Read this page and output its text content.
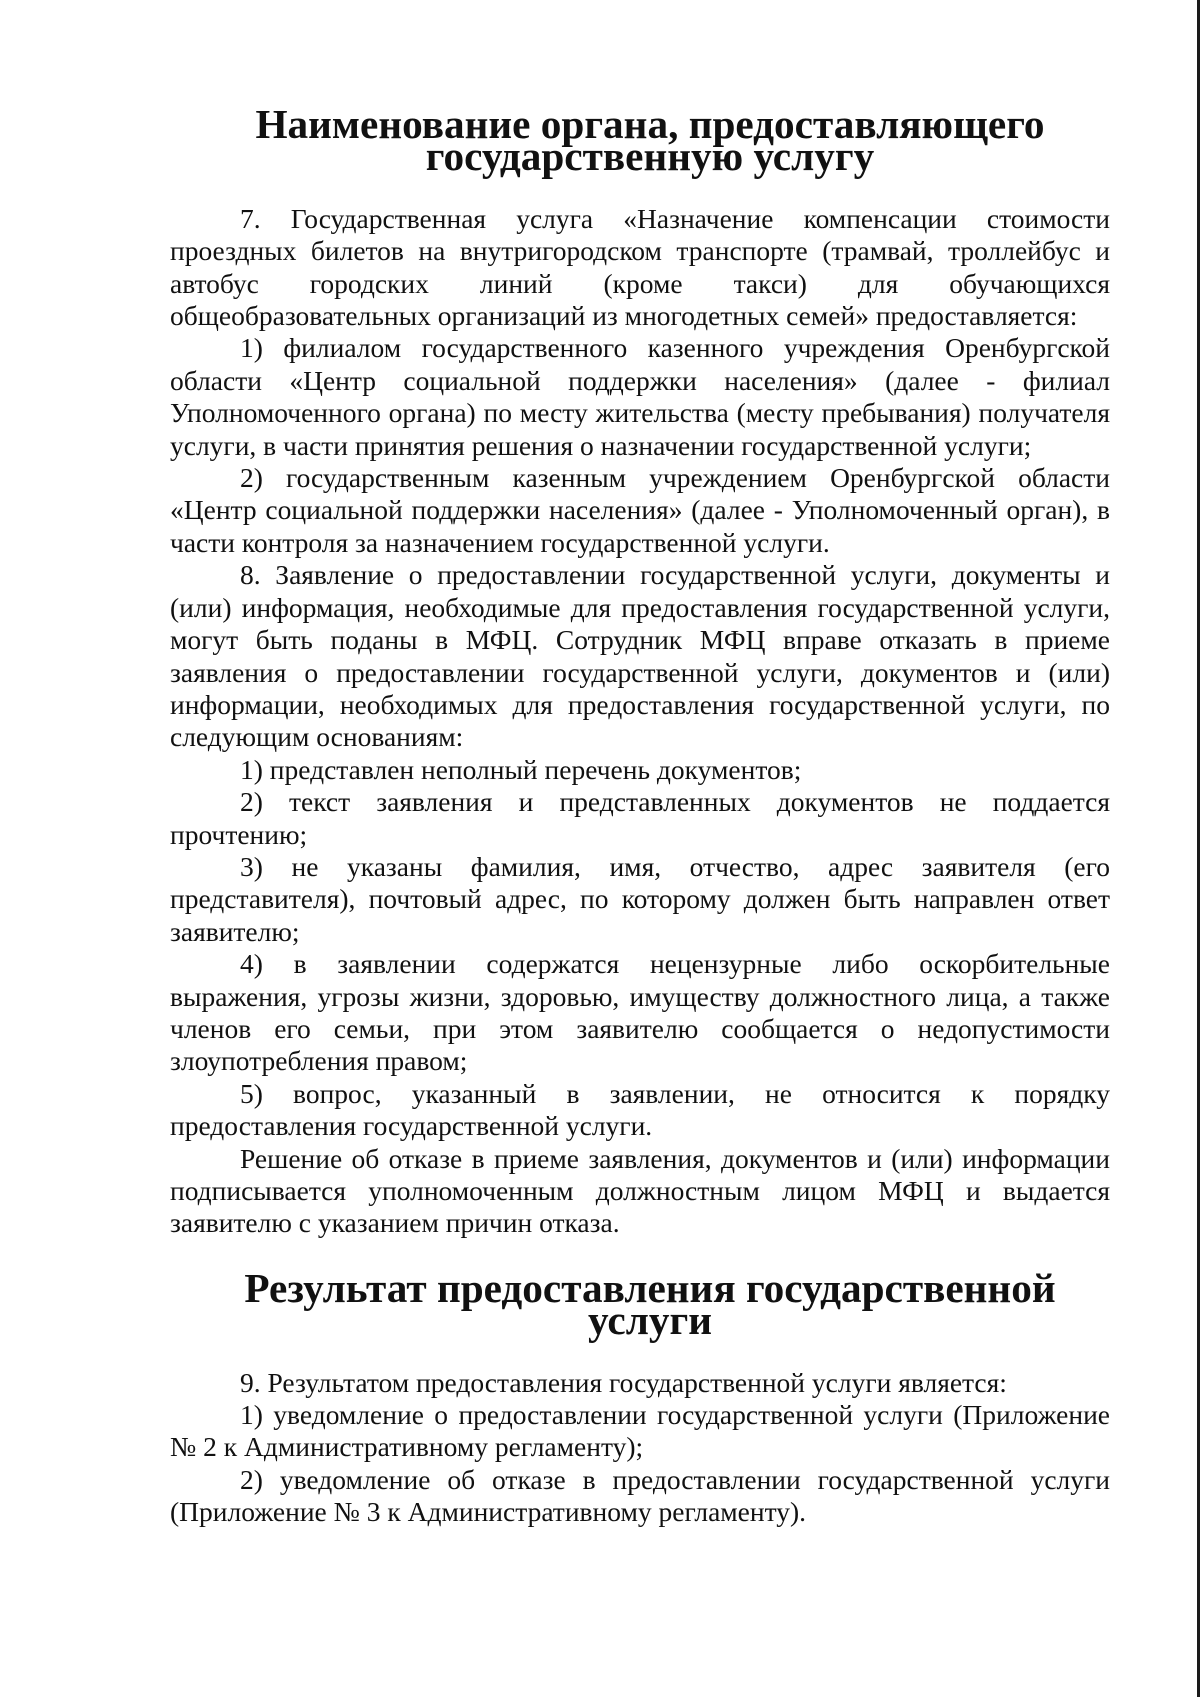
Наименование органа, предоставляющего
государственную услугу

7. Государственная услуга «Назначение компенсации стоимости проездных билетов на внутригородском транспорте (трамвай, троллейбус и автобус городских линий (кроме такси) для обучающихся общеобразовательных организаций из многодетных семей» предоставляется:

1) филиалом государственного казенного учреждения Оренбургской области «Центр социальной поддержки населения» (далее - филиал Уполномоченного органа) по месту жительства (месту пребывания) получателя услуги, в части принятия решения о назначении государственной услуги;

2) государственным казенным учреждением Оренбургской области «Центр социальной поддержки населения» (далее - Уполномоченный орган), в части контроля за назначением государственной услуги.

8. Заявление о предоставлении государственной услуги, документы и (или) информация, необходимые для предоставления государственной услуги, могут быть поданы в МФЦ. Сотрудник МФЦ вправе отказать в приеме заявления о предоставлении государственной услуги, документов и (или) информации, необходимых для предоставления государственной услуги, по следующим основаниям:

1) представлен неполный перечень документов;

2) текст заявления и представленных документов не поддается прочтению;

3) не указаны фамилия, имя, отчество, адрес заявителя (его представителя), почтовый адрес, по которому должен быть направлен ответ заявителю;

4) в заявлении содержатся нецензурные либо оскорбительные выражения, угрозы жизни, здоровью, имуществу должностного лица, а также членов его семьи, при этом заявителю сообщается о недопустимости злоупотребления правом;

5) вопрос, указанный в заявлении, не относится к порядку предоставления государственной услуги.

Решение об отказе в приеме заявления, документов и (или) информации подписывается уполномоченным должностным лицом МФЦ и выдается заявителю с указанием причин отказа.

Результат предоставления государственной услуги

9. Результатом предоставления государственной услуги является:

1) уведомление о предоставлении государственной услуги (Приложение № 2 к Административному регламенту);

2) уведомление об отказе в предоставлении государственной услуги (Приложение № 3 к Административному регламенту).
